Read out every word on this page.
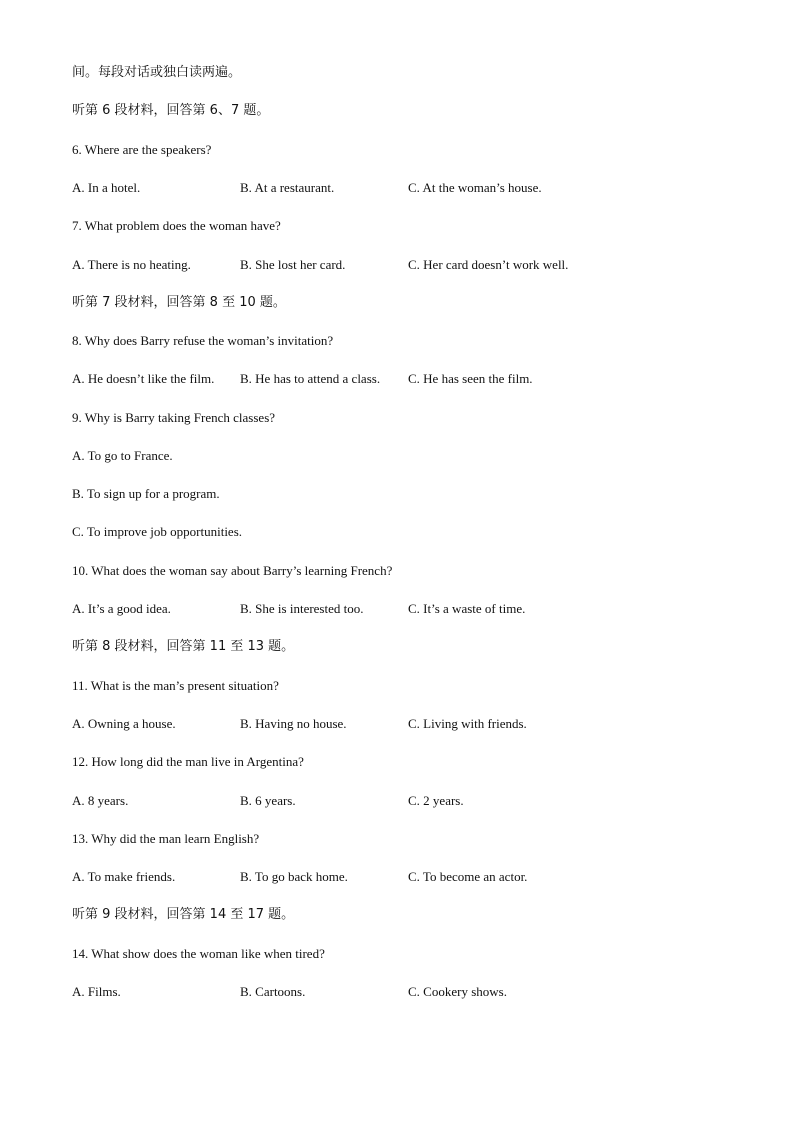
间。每段对话或独白读两遍。
听第 6 段材料，回答第 6、7 题。
6. Where are the speakers?
A. In a hotel.	B. At a restaurant.	C. At the woman’s house.
7. What problem does the woman have?
A. There is no heating.	B. She lost her card.	C. Her card doesn’t work well.
听第 7 段材料，回答第 8 至 10 题。
8. Why does Barry refuse the woman’s invitation?
A. He doesn’t like the film. B. He has to attend a class. C. He has seen the film.
9. Why is Barry taking French classes?
A. To go to France.
B. To sign up for a program.
C. To improve job opportunities.
10. What does the woman say about Barry’s learning French?
A. It’s a good idea.	B. She is interested too.	C. It’s a waste of time.
听第 8 段材料，回答第 11 至 13 题。
11. What is the man’s present situation?
A. Owning a house.	B. Having no house.	C. Living with friends.
12. How long did the man live in Argentina?
A. 8 years.	B. 6 years.	C. 2 years.
13. Why did the man learn English?
A. To make friends.	B. To go back home.	C. To become an actor.
听第 9 段材料，回答第 14 至 17 题。
14. What show does the woman like when tired?
A. Films.	B. Cartoons.	C. Cookery shows.
